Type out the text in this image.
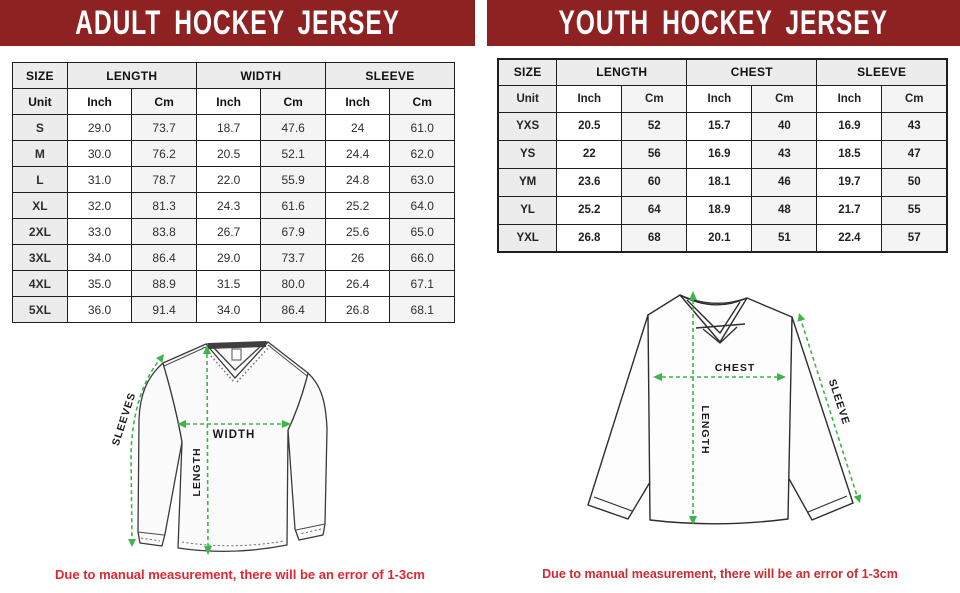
ADULT HOCKEY JERSEY	YOUTH HOCKEY JERSEY
SIZE	LENGTH		WIDTH		SLEEVE	
Unit	Inch	Cm	Inch	Cm	Inch	Cm
S	29.0	73.7	18.7	47.6	24	61.0
M	30.0	76.2	20.5	52.1	24.4	62.0
L	31.0	78.7	22.0	55.9	24.8	63.0
XL	32.0	81.3	24.3	61.6	25.2	64.0
2XL	33.0	83.8	26.7	67.9	25.6	65.0
3XL	34.0	86.4	29.0	73.7	26	66.0
4XL	35.0	88.9	31.5	80.0	26.4	67.1
5XL	36.0	91.4	34.0	86.4	26.8	68.1
SIZE	LENGTH		CHEST		SLEEVE	
Unit	Inch	Cm	Inch	Cm	Inch	Cm
YXS	20.5	52	15.7	40	16.9	43
YS	22	56	16.9	43	18.5	47
YM	23.6	60	18.1	46	19.7	50
YL	25.2	64	18.9	48	21.7	55
YXL	26.8	68	20.1	51	22.4	57
SLEEVES	WIDTH
LENGTH
CHEST
LENGTH
SLEEVE
Due to manual measurement, there will be an error of 1-3cm	Due to manual measurement, there will be an error of 1-3cm
